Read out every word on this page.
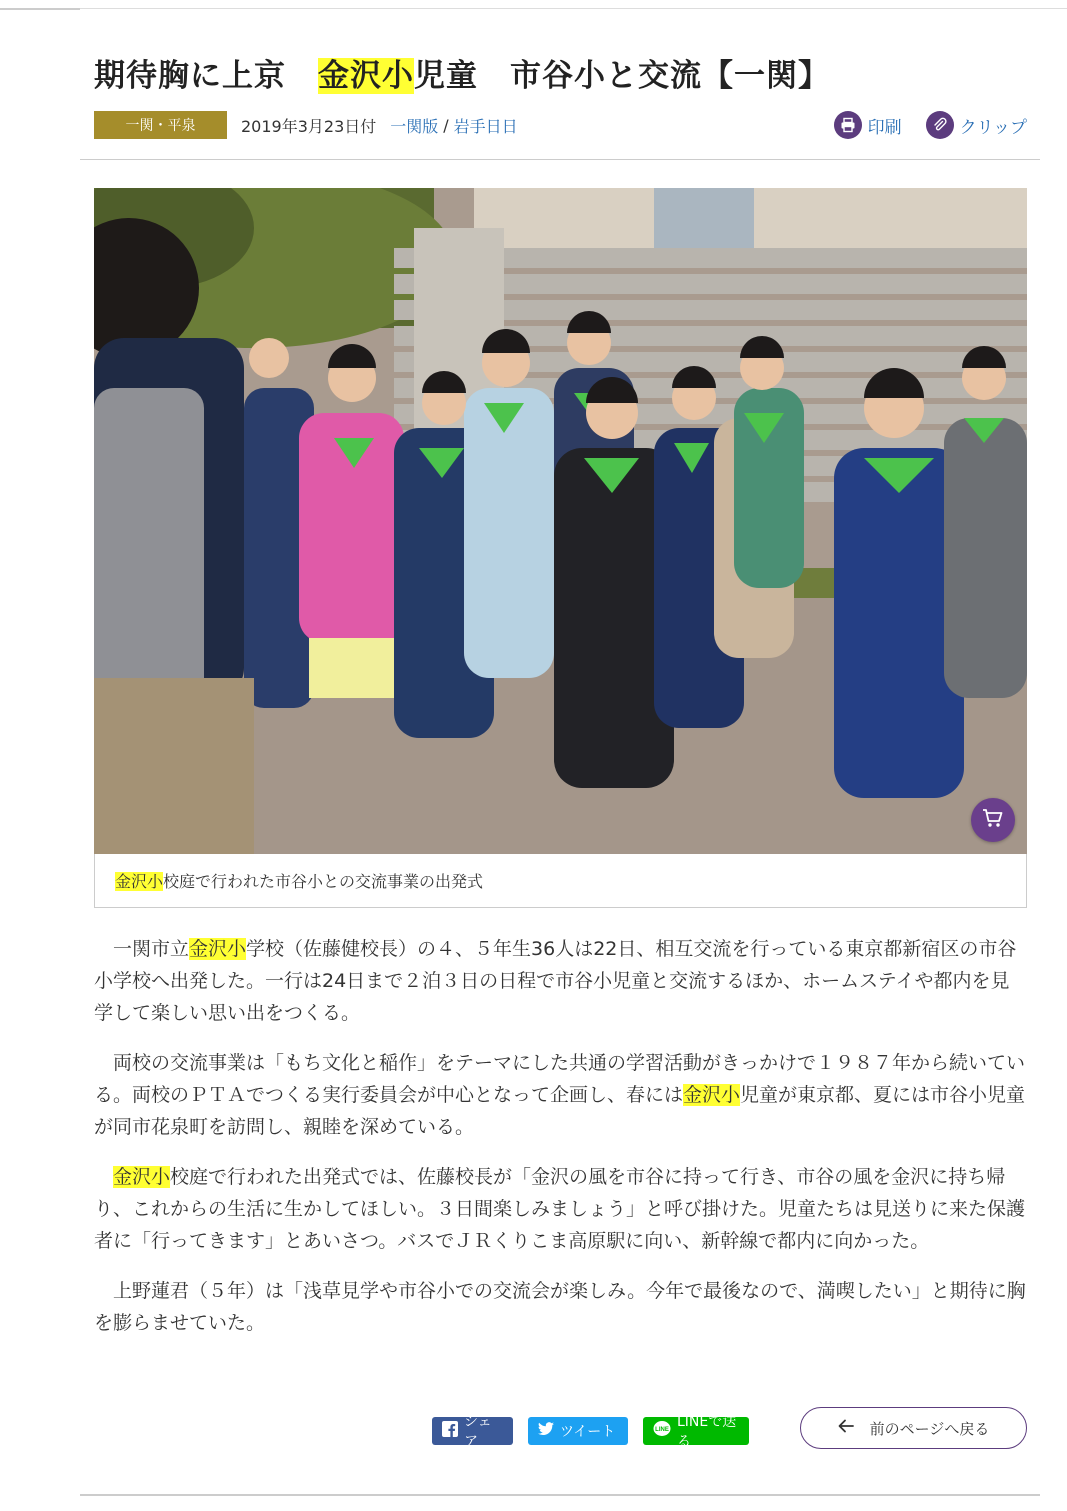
期待胸に上京　金沢小児童　市谷小と交流【一関】
一関・平泉	2019年3月23日付 一関版 / 岩手日日	印刷	クリップ
金沢小校庭で行われた市谷小との交流事業の出発式

一関市立金沢小学校（佐藤健校長）の４、５年生36人は22日、相互交流を行っている東京都新宿区の市谷小学校へ出発した。一行は24日まで２泊３日の日程で市谷小児童と交流するほか、ホームステイや都内を見学して楽しい思い出をつくる。

両校の交流事業は「もち文化と稲作」をテーマにした共通の学習活動がきっかけで１９８７年から続いている。両校のＰＴＡでつくる実行委員会が中心となって企画し、春には金沢小児童が東京都、夏には市谷小児童が同市花泉町を訪問し、親睦を深めている。

金沢小校庭で行われた出発式では、佐藤校長が「金沢の風を市谷に持って行き、市谷の風を金沢に持ち帰り、これからの生活に生かしてほしい。３日間楽しみましょう」と呼び掛けた。児童たちは見送りに来た保護者に「行ってきます」とあいさつ。バスでＪＲくりこま高原駅に向い、新幹線で都内に向かった。

上野蓮君（５年）は「浅草見学や市谷小での交流会が楽しみ。今年で最後なので、満喫したい」と期待に胸を膨らませていた。

シェア
ツイート	LINE LINEで送る
前のページへ戻る
